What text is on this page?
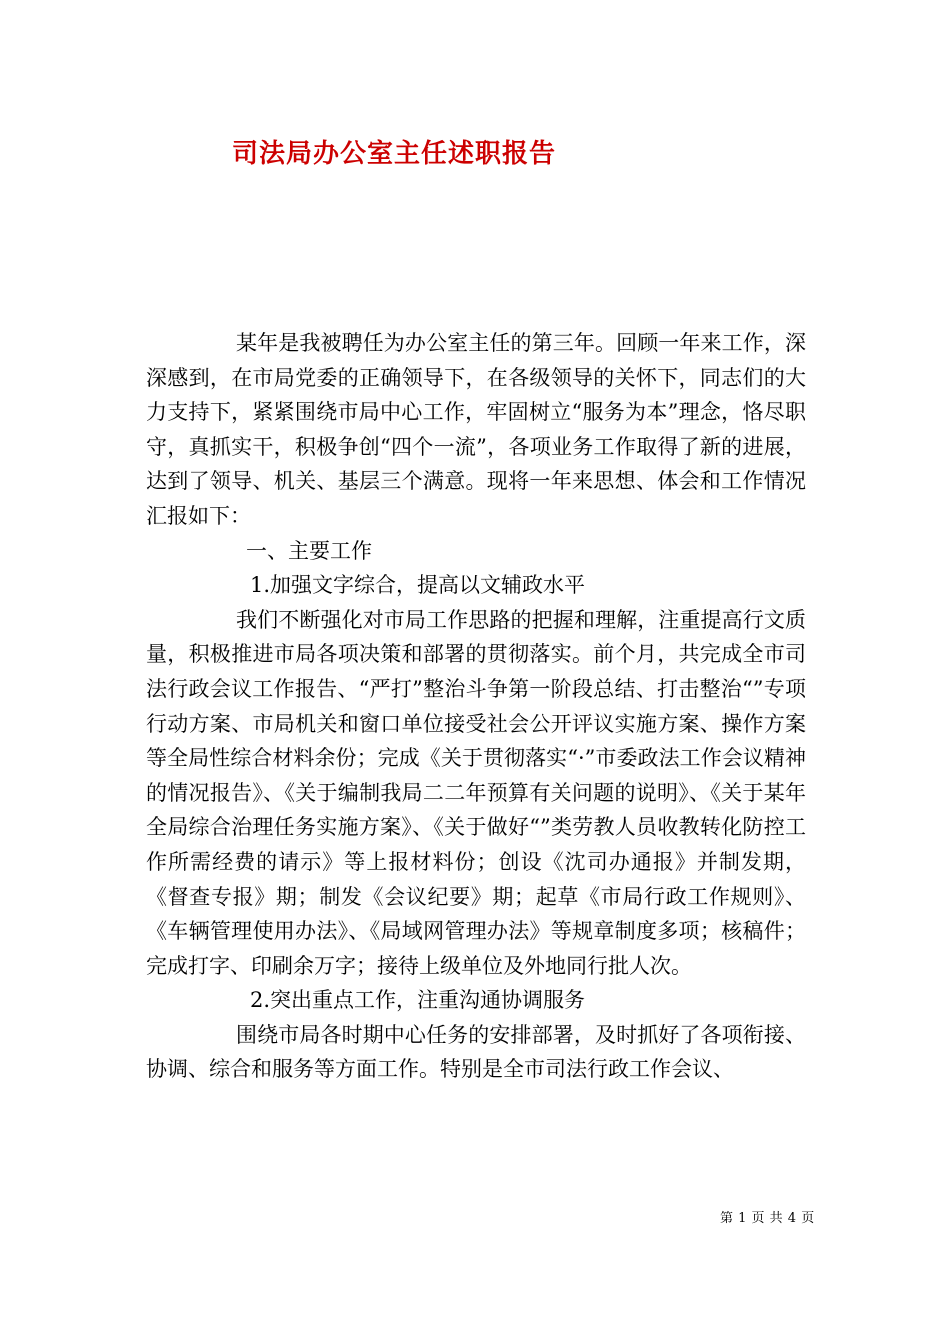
司法局办公室主任述职报告

某年是我被聘任为办公室主任的第三年。回顾一年来工作，深深感到，在市局党委的正确领导下，在各级领导的关怀下，同志们的大力支持下，紧紧围绕市局中心工作，牢固树立“服务为本”理念，恪尽职守，真抓实干，积极争创“四个一流”，各项业务工作取得了新的进展，达到了领导、机关、基层三个满意。现将一年来思想、体会和工作情况汇报如下：

一、主要工作

1.加强文字综合，提高以文辅政水平

我们不断强化对市局工作思路的把握和理解，注重提高行文质量，积极推进市局各项决策和部署的贯彻落实。前个月，共完成全市司法行政会议工作报告、“严打”整治斗争第一阶段总结、打击整治“”专项行动方案、市局机关和窗口单位接受社会公开评议实施方案、操作方案等全局性综合材料余份；完成《关于贯彻落实“·”市委政法工作会议精神的情况报告》、《关于编制我局二二年预算有关问题的说明》、《关于某年全局综合治理任务实施方案》、《关于做好“”类劳教人员收教转化防控工作所需经费的请示》等上报材料份；创设《沈司办通报》并制发期，《督查专报》期；制发《会议纪要》期；起草《市局行政工作规则》、《车辆管理使用办法》、《局域网管理办法》等规章制度多项；核稿件；完成打字、印刷余万字；接待上级单位及外地同行批人次。

2.突出重点工作，注重沟通协调服务

围绕市局各时期中心任务的安排部署，及时抓好了各项衔接、协调、综合和服务等方面工作。特别是全市司法行政工作会议、

第 1 页 共 4 页
